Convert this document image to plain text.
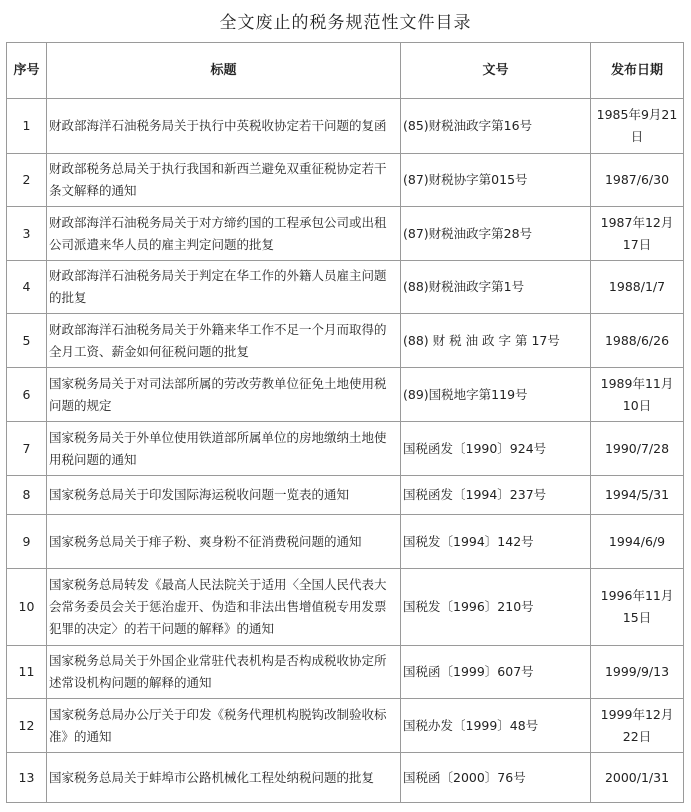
全文废止的税务规范性文件目录
序号	标题	文号	发布日期
1	财政部海洋石油税务局关于执行中英税收协定若干问题的复函	(85)财税油政字第16号	1985年9月21日
2	财政部税务总局关于执行我国和新西兰避免双重征税协定若干条文解释的通知	(87)财税协字第015号	1987/6/30
3	财政部海洋石油税务局关于对方缔约国的工程承包公司或出租公司派遣来华人员的雇主判定问题的批复	(87)财税油政字第28号	1987年12月17日
4	财政部海洋石油税务局关于判定在华工作的外籍人员雇主问题的批复	(88)财税油政字第1号	1988/1/7
5	财政部海洋石油税务局关于外籍来华工作不足一个月而取得的全月工资、薪金如何征税问题的批复	(88) 财 税 油 政 字 第 17号	1988/6/26
6	国家税务局关于对司法部所属的劳改劳教单位征免土地使用税问题的规定	(89)国税地字第119号	1989年11月10日
7	国家税务局关于外单位使用铁道部所属单位的房地缴纳土地使用税问题的通知	国税函发〔1990〕924号	1990/7/28
8	国家税务总局关于印发国际海运税收问题一览表的通知	国税函发〔1994〕237号	1994/5/31
9	国家税务总局关于痱子粉、爽身粉不征消费税问题的通知	国税发〔1994〕142号	1994/6/9
10	国家税务总局转发《最高人民法院关于适用〈全国人民代表大会常务委员会关于惩治虚开、伪造和非法出售增值税专用发票犯罪的决定〉的若干问题的解释》的通知	国税发〔1996〕210号	1996年11月15日
11	国家税务总局关于外国企业常驻代表机构是否构成税收协定所述常设机构问题的解释的通知	国税函〔1999〕607号	1999/9/13
12	国家税务总局办公厅关于印发《税务代理机构脱钩改制验收标准》的通知	国税办发〔1999〕48号	1999年12月22日
13	国家税务总局关于蚌埠市公路机械化工程处纳税问题的批复	国税函〔2000〕76号	2000/1/31
